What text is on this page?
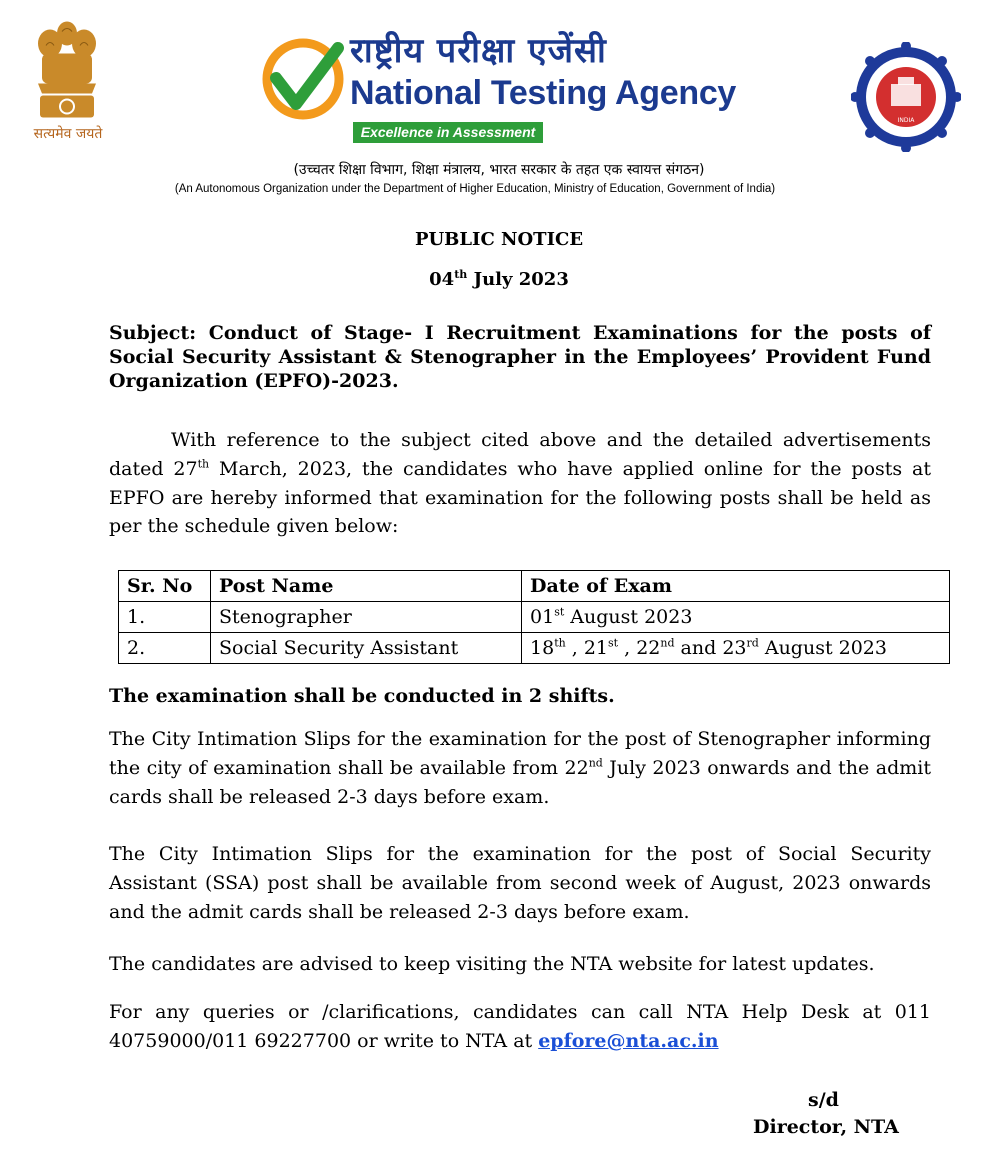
सत्यमेव जयते
राष्ट्रीय परीक्षा एजेंसी
National Testing Agency
Excellence in Assessment
INDIA
(उच्चतर शिक्षा विभाग, शिक्षा मंत्रालय, भारत सरकार के तहत एक स्वायत्त संगठन)
(An Autonomous Organization under the Department of Higher Education, Ministry of Education, Government of India)
PUBLIC NOTICE
04th July 2023
Subject: Conduct of Stage- I Recruitment Examinations for the posts of Social Security Assistant & Stenographer in the Employees’ Provident Fund Organization (EPFO)-2023.
With reference to the subject cited above and the detailed advertisements dated 27th March, 2023, the candidates who have applied online for the posts at EPFO are hereby informed that examination for the following posts shall be held as per the schedule given below:
Sr. No	Post Name	Date of Exam
1.	Stenographer	01st August 2023
2.	Social Security Assistant	18th , 21st , 22nd and 23rd August 2023
The examination shall be conducted in 2 shifts.
The City Intimation Slips for the examination for the post of Stenographer informing the city of examination shall be available from 22nd July 2023 onwards and the admit cards shall be released 2-3 days before exam.
The City Intimation Slips for the examination for the post of Social Security Assistant (SSA) post shall be available from second week of August, 2023 onwards and the admit cards shall be released 2-3 days before exam.
The candidates are advised to keep visiting the NTA website for latest updates.
For any queries or /clarifications, candidates can call NTA Help Desk at 011 40759000/011 69227700 or write to NTA at epfore@nta.ac.in
s/d
Director, NTA
